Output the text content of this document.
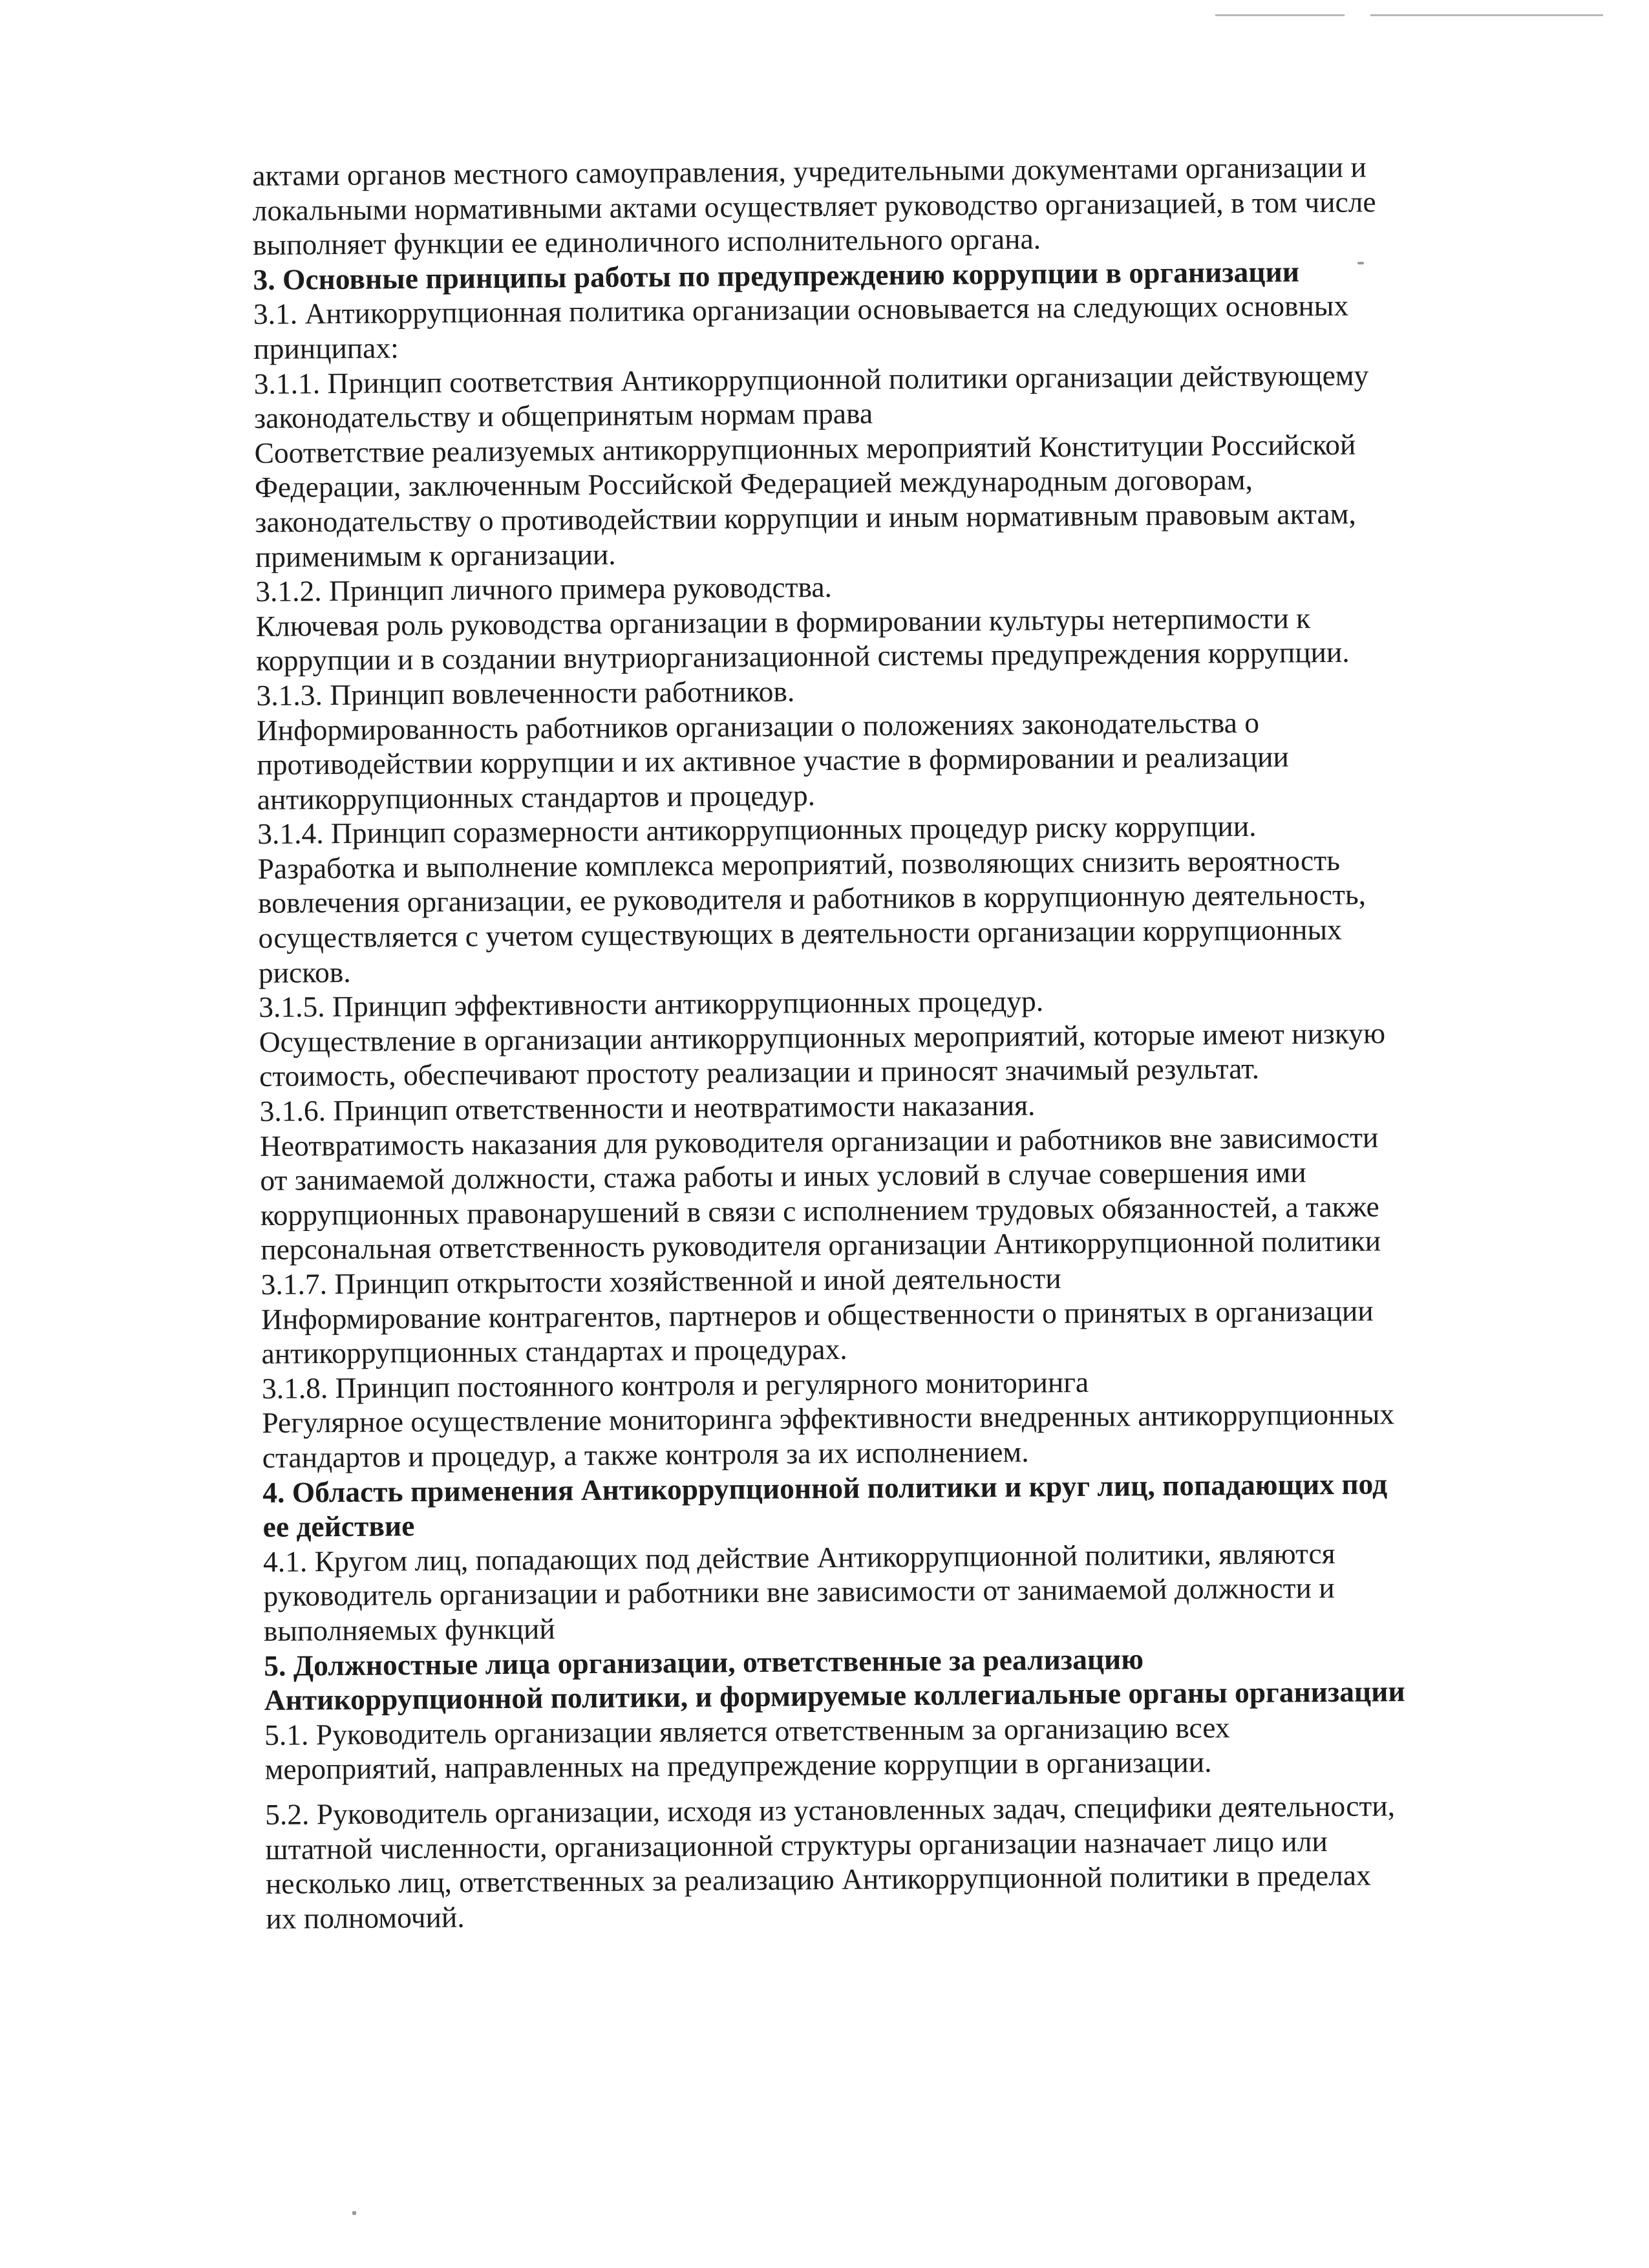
актами органов местного самоуправления, учредительными документами организации и

локальными нормативными актами осуществляет руководство организацией, в том числе

выполняет функции ее единоличного исполнительного органа.

3. Основные принципы работы по предупреждению коррупции в организации

3.1. Антикоррупционная политика организации основывается на следующих основных

принципах:

3.1.1. Принцип соответствия Антикоррупционной политики организации действующему

законодательству и общепринятым нормам права

Соответствие реализуемых антикоррупционных мероприятий Конституции Российской

Федерации, заключенным Российской Федерацией международным договорам,

законодательству о противодействии коррупции и иным нормативным правовым актам,

применимым к организации.

3.1.2. Принцип личного примера руководства.

Ключевая роль руководства организации в формировании культуры нетерпимости к

коррупции и в создании внутриорганизационной системы предупреждения коррупции.

3.1.3. Принцип вовлеченности работников.

Информированность работников организации о положениях законодательства о

противодействии коррупции и их активное участие в формировании и реализации

антикоррупционных стандартов и процедур.

3.1.4. Принцип соразмерности антикоррупционных процедур риску коррупции.

Разработка и выполнение комплекса мероприятий, позволяющих снизить вероятность

вовлечения организации, ее руководителя и работников в коррупционную деятельность,

осуществляется с учетом существующих в деятельности организации коррупционных

рисков.

3.1.5. Принцип эффективности антикоррупционных процедур.

Осуществление в организации антикоррупционных мероприятий, которые имеют низкую

стоимость, обеспечивают простоту реализации и приносят значимый результат.

3.1.6. Принцип ответственности и неотвратимости наказания.

Неотвратимость наказания для руководителя организации и работников вне зависимости

от занимаемой должности, стажа работы и иных условий в случае совершения ими

коррупционных правонарушений в связи с исполнением трудовых обязанностей, а также

персональная ответственность руководителя организации Антикоррупционной политики

3.1.7. Принцип открытости хозяйственной и иной деятельности

Информирование контрагентов, партнеров и общественности о принятых в организации

антикоррупционных стандартах и процедурах.

3.1.8. Принцип постоянного контроля и регулярного мониторинга

Регулярное осуществление мониторинга эффективности внедренных антикоррупционных

стандартов и процедур, а также контроля за их исполнением.

4. Область применения Антикоррупционной политики и круг лиц, попадающих под

ее действие

4.1. Кругом лиц, попадающих под действие Антикоррупционной политики, являются

руководитель организации и работники вне зависимости от занимаемой должности и

выполняемых функций

5. Должностные лица организации, ответственные за реализацию

Антикоррупционной политики, и формируемые коллегиальные органы организации

5.1. Руководитель организации является ответственным за организацию всех

мероприятий, направленных на предупреждение коррупции в организации.

5.2. Руководитель организации, исходя из установленных задач, специфики деятельности,

штатной численности, организационной структуры организации назначает лицо или

несколько лиц, ответственных за реализацию Антикоррупционной политики в пределах

их полномочий.
